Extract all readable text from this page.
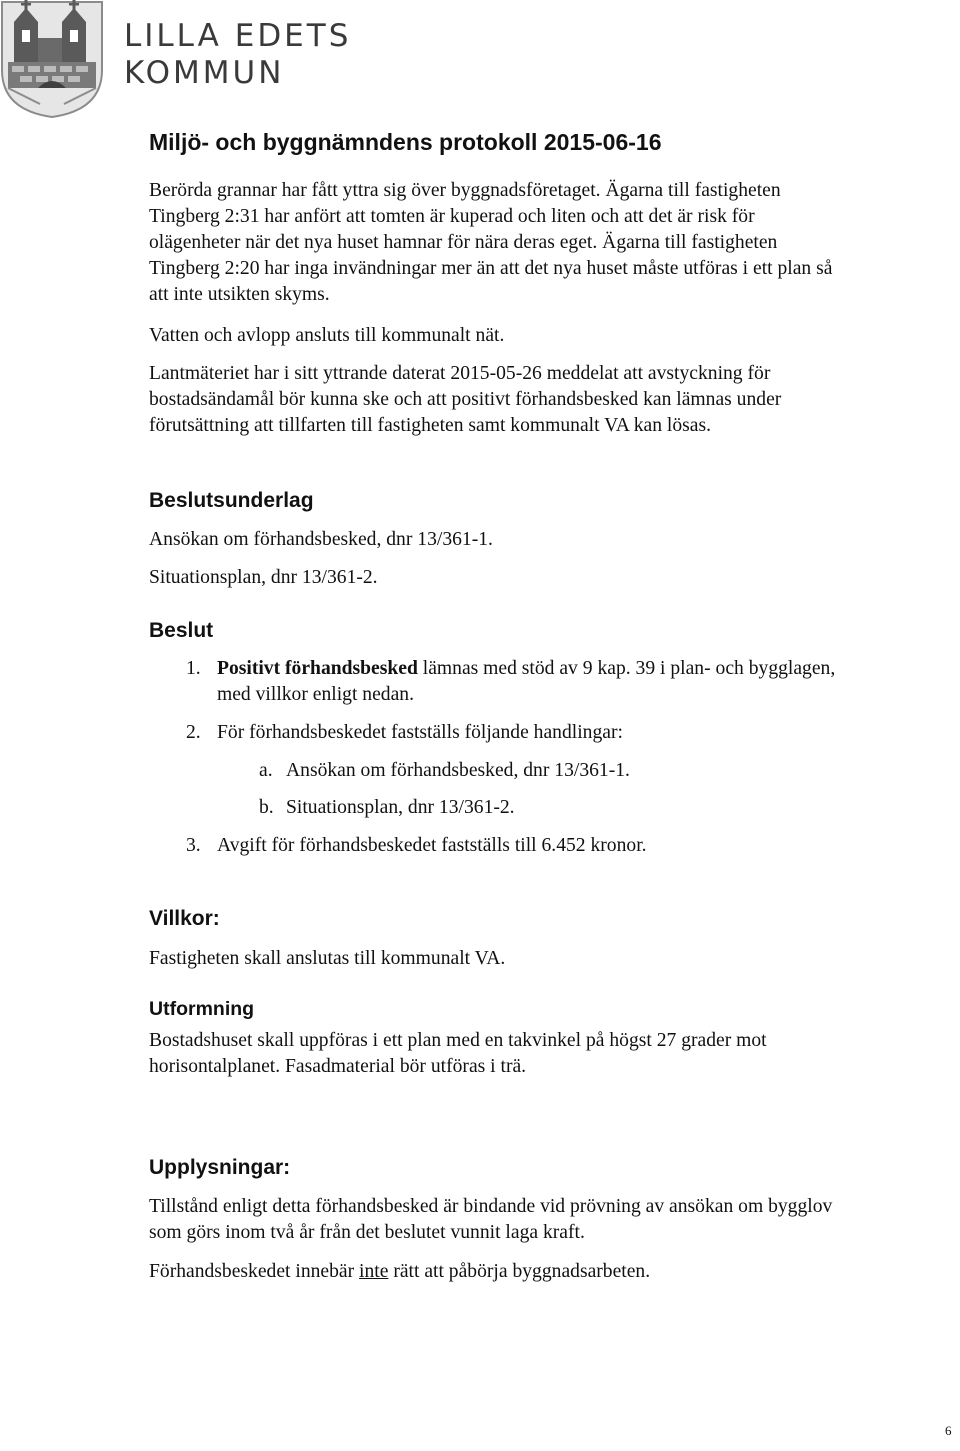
LILLA EDETS
KOMMUN
Miljö- och byggnämndens protokoll 2015-06-16

Berörda grannar har fått yttra sig över byggnadsföretaget. Ägarna till fastigheten

Tingberg 2:31 har anfört att tomten är kuperad och liten och att det är risk för

olägenheter när det nya huset hamnar för nära deras eget. Ägarna till fastigheten

Tingberg 2:20 har inga invändningar mer än att det nya huset måste utföras i ett plan så

att inte utsikten skyms.

Vatten och avlopp ansluts till kommunalt nät.

Lantmäteriet har i sitt yttrande daterat 2015-05-26 meddelat att avstyckning för

bostadsändamål bör kunna ske och att positivt förhandsbesked kan lämnas under

förutsättning att tillfarten till fastigheten samt kommunalt VA kan lösas.

Beslutsunderlag

Ansökan om förhandsbesked, dnr 13/361-1.

Situationsplan, dnr 13/361-2.

Beslut
1. Positivt förhandsbesked lämnas med stöd av 9 kap. 39 i plan- och bygglagen,
med villkor enligt nedan.
2. För förhandsbeskedet fastställs följande handlingar:
a. Ansökan om förhandsbesked, dnr 13/361-1.
b. Situationsplan, dnr 13/361-2.
3. Avgift för förhandsbeskedet fastställs till 6.452 kronor.
Villkor:

Fastigheten skall anslutas till kommunalt VA.

Utformning

Bostadshuset skall uppföras i ett plan med en takvinkel på högst 27 grader mot

horisontalplanet. Fasadmaterial bör utföras i trä.

Upplysningar:

Tillstånd enligt detta förhandsbesked är bindande vid prövning av ansökan om bygglov

som görs inom två år från det beslutet vunnit laga kraft.

Förhandsbeskedet innebär inte rätt att påbörja byggnadsarbeten.

6
